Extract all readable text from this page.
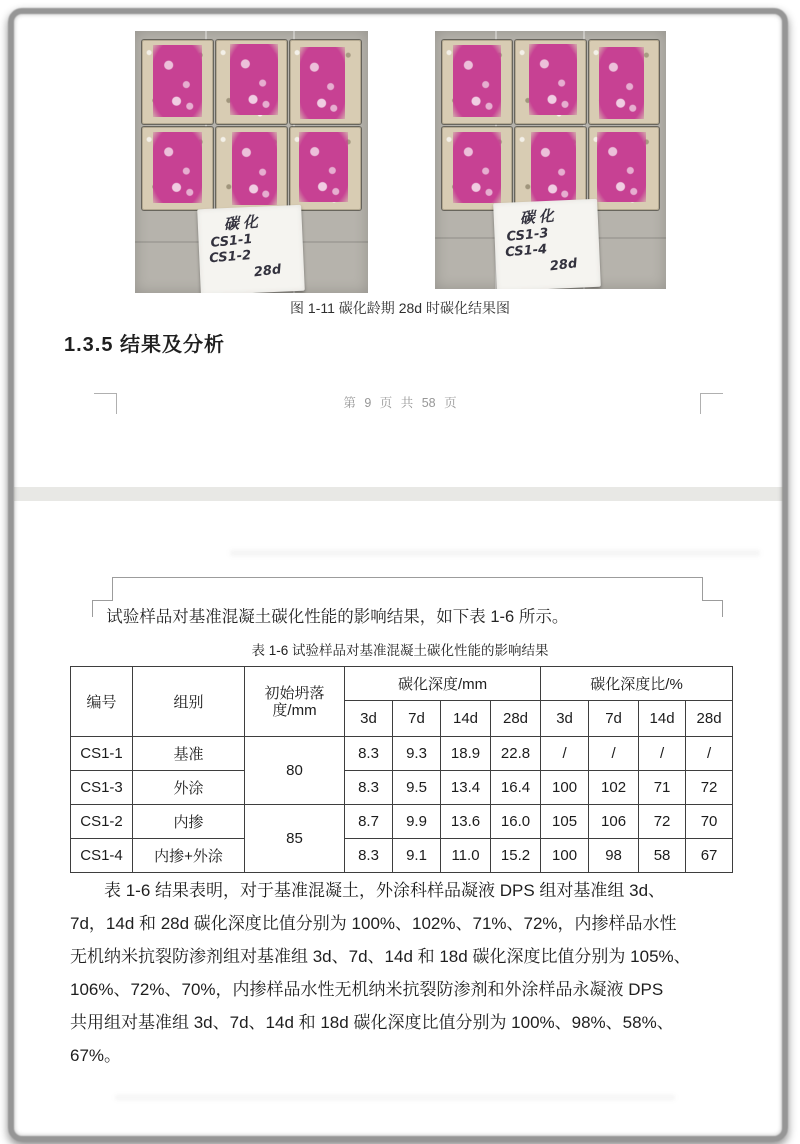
碳化
CS1-1
CS1-2
28d
碳化
CS1-3
CS1-4
28d
图 1-11 碳化龄期 28d 时碳化结果图
1.3.5 结果及分析
第 9 页 共 58 页
试验样品对基准混凝土碳化性能的影响结果，如下表 1-6 所示。
表 1-6 试验样品对基准混凝土碳化性能的影响结果
编号	组别	初始坍落度/mm	碳化深度/mm				碳化深度比/%			
			3d	7d	14d	28d	3d	7d	14d	28d
CS1-1	基准	80	8.3	9.3	18.9	22.8	/	/	/	/
CS1-3	外涂		8.3	9.5	13.4	16.4	100	102	71	72
CS1-2	内掺	85	8.7	9.9	13.6	16.0	105	106	72	70
CS1-4	内掺+外涂		8.3	9.1	11.0	15.2	100	98	58	67
表 1-6 结果表明，对于基准混凝土，外涂科样品凝液 DPS 组对基准组 3d、
7d，14d 和 28d 碳化深度比值分别为 100%、102%、71%、72%，内掺样品水性
无机纳米抗裂防渗剂组对基准组 3d、7d、14d 和 18d 碳化深度比值分别为 105%、
106%、72%、70%，内掺样品水性无机纳米抗裂防渗剂和外涂样品永凝液 DPS
共用组对基准组 3d、7d、14d 和 18d 碳化深度比值分别为 100%、98%、58%、
67%。
